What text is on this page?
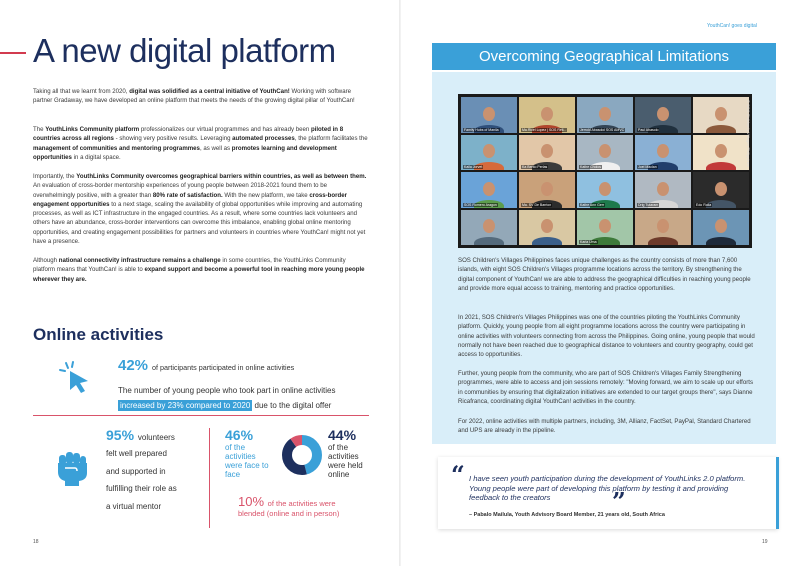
A new digital platform
Taking all that we learnt from 2020, digital was solidified as a central initiative of YouthCan! Working with software partner Gradaway, we have developed an online platform that meets the needs of the growing digital pillar of YouthCan!
The YouthLinks Community platform professionalizes our virtual programmes and has already been piloted in 8 countries across all regions - showing very positive results. Leveraging automated processes, the platform facilitates the management of communities and mentoring programmes, as well as promotes learning and development opportunities in a digital space.
Importantly, the YouthLinks Community overcomes geographical barriers within countries, as well as between them. An evaluation of cross-border mentorship experiences of young people between 2018-2021 found them to be overwhelmingly positive, with a greater than 80% rate of satisfaction. With the new platform, we take cross-border engagement opportunities to a next stage, scaling the availability of global opportunities while improving and automating processes, as well as ICT infrastructure in the engaged countries. As a result, where some countries lack volunteers and others have an abundance, cross-border interventions can overcome this imbalance, enabling global online mentoring opportunities, and creating engagement possibilities for partners and volunteers in countries where YouthCan! might not yet have a presence.
Although national connectivity infrastructure remains a challenge in some countries, the YouthLinks Community platform means that YouthCan! is able to expand support and become a powerful tool in reaching more young people wherever they are.
Online activities
42% of participants participated in online activities
The number of young people who took part in online activities
increased by 23% compared to 2020 due to the digital offer
95% volunteers
felt well prepared
and supported in
fulfilling their role as
a virtual mentor
46%
of the activities were face to face
44%
of the activities were held online
10% of the activities were
blended (online and in person)
18
YouthCan! goes digital
Overcoming Geographical Limitations
Family Hubs of Manila	Ma.Ricel Lopez | SOS Reli...	Jerrold Abasoloi SOS AMVC	Paul Abasolo
Kaila Jorvet	Ka Bento Perlas	Kathe Cholos	Joel Maclan
SOS Romero Aragon	Ma. SV De Barrion	Kathe Ann Gerr	Drig Tutaram	Edo Rolla
Karla Uma
© SOS Children's Villages Philippines
SOS Children's Villages Philippines faces unique challenges as the country consists of more than 7,600 islands, with eight SOS Children's Villages programme locations across the territory. By strengthening the digital component of YouthCan! we are able to address the geographical difficulties in reaching young people and provide more equal access to training, mentoring and practice opportunities.
In 2021, SOS Children's Villages Philippines was one of the countries piloting the YouthLinks Community platform. Quickly, young people from all eight programme locations across the country were participating in online activities with volunteers connecting from across the Philippines. Going online, young people that would normally not have been reached due to geographical distance to volunteers and country geography, could get access to opportunities.
Further, young people from the community, who are part of SOS Children's Villages Family Strengthening programmes, were able to access and join sessions remotely: "Moving forward, we aim to scale up our efforts in communities by ensuring that digitalization initiatives are extended to our target groups there", says Dianne Ricafranca, coordinating digital YouthCan! activities in the country.
For 2022, online activities with multiple partners, including, 3M, Allianz, FactSet, PayPal, Standard Chartered and UPS are already in the pipeline.
“ I have seen youth participation during the development of YouthLinks 2.0 platform. Young people were part of developing this platform by testing it and providing feedback to the creators	”
– Pabalo Mailula, Youth Advisory Board Member, 21 years old, South Africa
19
